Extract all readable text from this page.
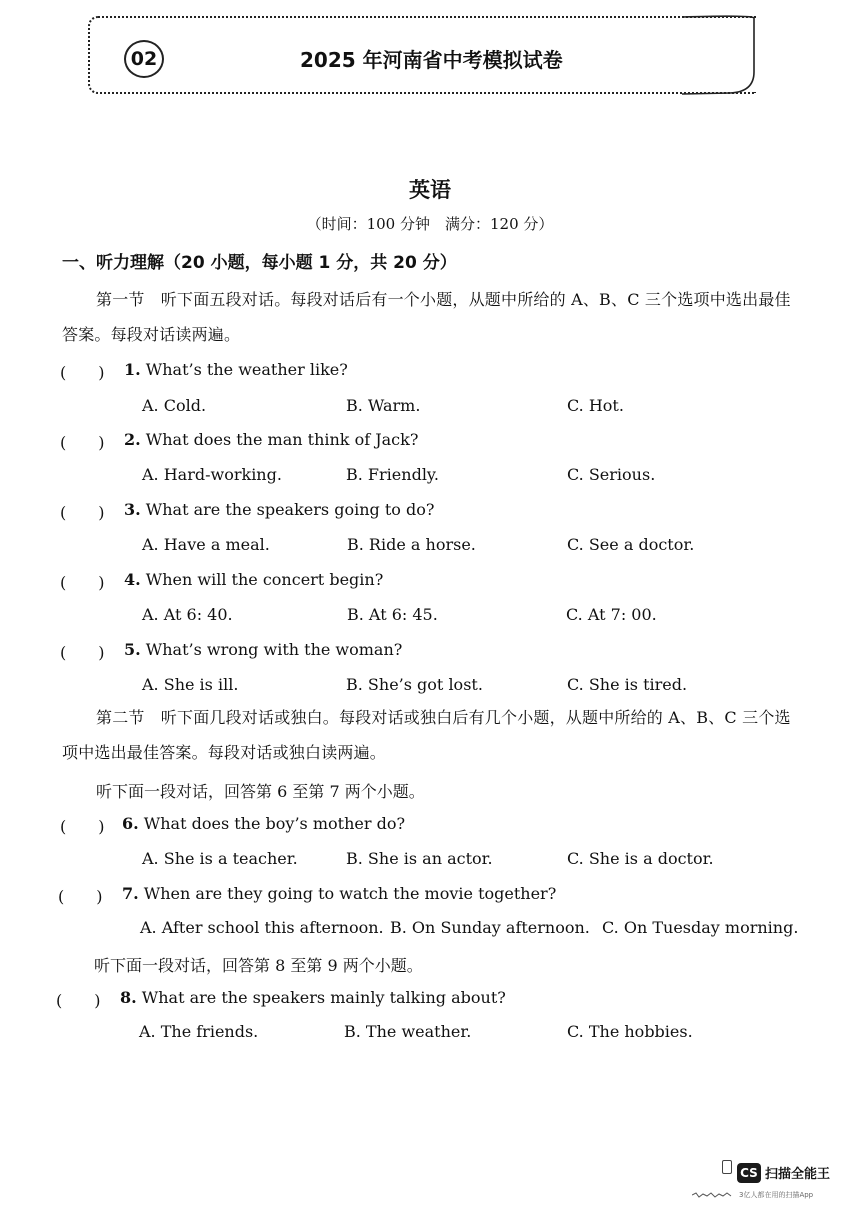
02	2025 年河南省中考模拟试卷
英语
（时间：100 分钟　满分：120 分）
一、听力理解（20 小题，每小题 1 分，共 20 分）
第一节　听下面五段对话。每段对话后有一个小题，从题中所给的 A、B、C 三个选项中选出最佳答案。每段对话读两遍。
(　　) 1. What’s the weather like?
A. Cold.	B. Warm.	C. Hot.
(　　) 2. What does the man think of Jack?
A. Hard-working.	B. Friendly.	C. Serious.
(　　) 3. What are the speakers going to do?
A. Have a meal.	B. Ride a horse.	C. See a doctor.
(　　) 4. When will the concert begin?
A. At 6: 40.	B. At 6: 45.	C. At 7: 00.
(　　) 5. What’s wrong with the woman?
A. She is ill.	B. She’s got lost.	C. She is tired.
第二节　听下面几段对话或独白。每段对话或独白后有几个小题，从题中所给的 A、B、C 三个选项中选出最佳答案。每段对话或独白读两遍。
听下面一段对话，回答第 6 至第 7 两个小题。
(　　) 6. What does the boy’s mother do?
A. She is a teacher.	B. She is an actor.	C. She is a doctor.
(　　) 7. When are they going to watch the movie together?
A. After school this afternoon. B. On Sunday afternoon. C. On Tuesday morning.
听下面一段对话，回答第 8 至第 9 两个小题。
(　　) 8. What are the speakers mainly talking about?
A. The friends.	B. The weather.	C. The hobbies.
CS 扫描全能王
3亿人都在用的扫描App
